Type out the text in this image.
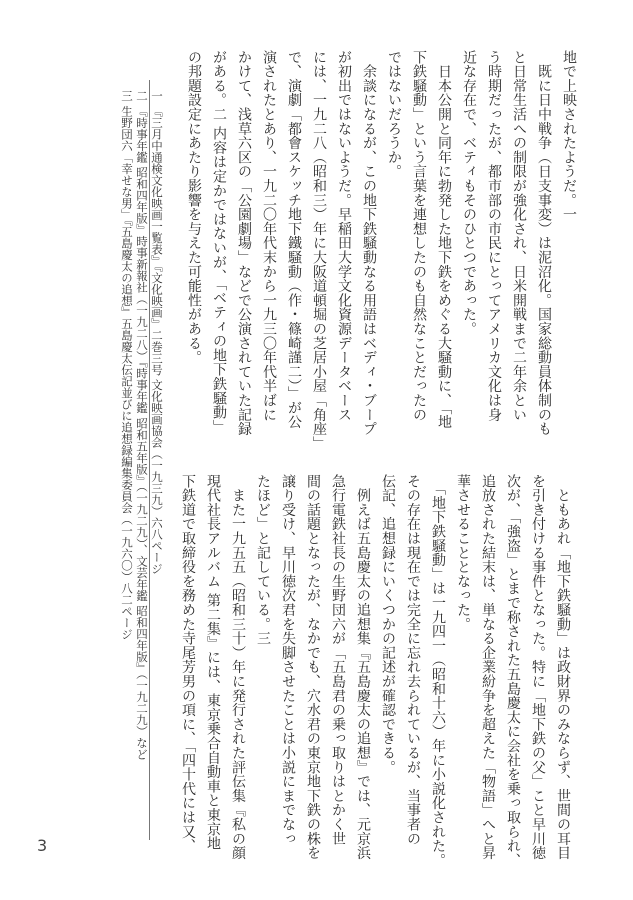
地で上映されたようだ。一
　既に日中戦争（日支事変）は泥沼化。国家総動員体制のも
と日常生活への制限が強化され、日米開戦まで二年余とい
う時期だったが、都市部の市民にとってアメリカ文化は身
近な存在で、ベティもそのひとつであった。
　日本公開と同年に勃発した地下鉄をめぐる大騒動に、「地
下鉄騒動」という言葉を連想したのも自然なことだったの
ではないだろうか。
　余談になるが、この地下鉄騒動なる用語はベディ・ブープ
が初出ではないようだ。早稲田大学文化資源データベース
には、一九二八（昭和三）年に大阪道頓堀の芝居小屋「角座」
で、演劇「都會スケッチ地下鐵騒動（作・篠崎謹二）」が公
演されたとあり、一九二〇年代末から一九三〇年代半ばに
かけて、浅草六区の「公園劇場」などで公演されていた記録
がある。二 内容は定かではないが、「ベティの地下鉄騒動」
の邦題設定にあたり影響を与えた可能性がある。
　ともあれ「地下鉄騒動」は政財界のみならず、世間の耳目
を引き付ける事件となった。特に「地下鉄の父」こと早川徳
次が、「強盗」とまで称された五島慶太に会社を乗っ取られ、
追放された結末は、単なる企業紛争を超えた「物語」へと昇
華させることとなった。
　「地下鉄騒動」は一九四一（昭和十六）年に小説化された。
その存在は現在では完全に忘れ去られているが、当事者の
伝記、追想録にいくつかの記述が確認できる。
　例えば五島慶太の追想集『五島慶太の追想』では、元京浜
急行電鉄社長の生野団六が「五島君の乗っ取りはとかく世
間の話題となったが、なかでも、穴水君の東京地下鉄の株を
譲り受け、早川徳次君を失脚させたことは小説にまでなっ
たほど」と記している。三
　また一九五五（昭和三十）年に発行された評伝集『私の顔
現代社長アルバム 第二集』には、東京乗合自動車と東京地
下鉄道で取締役を務めた寺尾芳男の項に、「四十代には又、
一 『三月中通検文化映画一覧表』『文化映画』二巻三号 文化映画協会（一九三九）六八ページ
二 『時事年鑑 昭和四年版』時事新報社（一九二八）『時事年鑑 昭和五年版』（一九二九）、文芸年鑑 昭和四年版』（一九二九）など
三 生野団六「幸せな男」『五島慶太の追想』五島慶太伝記並びに追想録編集委員会（一九六〇）八二ページ
3
